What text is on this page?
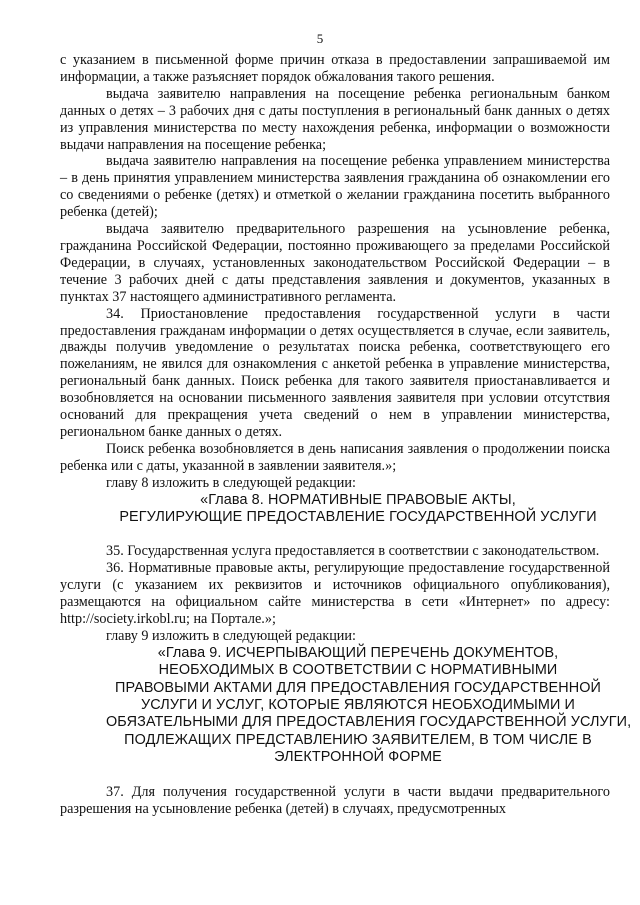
5

с указанием в письменной форме причин отказа в предоставлении запрашиваемой им информации, а также разъясняет порядок обжалования такого решения.

выдача заявителю направления на посещение ребенка региональным банком данных о детях – 3 рабочих дня с даты поступления в региональный банк данных о детях из управления министерства по месту нахождения ребенка, информации о возможности выдачи направления на посещение ребенка;

выдача заявителю направления на посещение ребенка управлением министерства – в день принятия управлением министерства заявления гражданина об ознакомлении его со сведениями о ребенке (детях) и отметкой о желании гражданина посетить выбранного ребенка (детей);

выдача заявителю предварительного разрешения на усыновление ребенка, гражданина Российской Федерации, постоянно проживающего за пределами Российской Федерации, в случаях, установленных законодательством Российской Федерации – в течение 3 рабочих дней с даты представления заявления и документов, указанных в пунктах 37 настоящего административного регламента.

34. Приостановление предоставления государственной услуги в части предоставления гражданам информации о детях осуществляется в случае, если заявитель, дважды получив уведомление о результатах поиска ребенка, соответствующего его пожеланиям, не явился для ознакомления с анкетой ребенка в управление министерства, региональный банк данных. Поиск ребенка для такого заявителя приостанавливается и возобновляется на основании письменного заявления заявителя при условии отсутствия оснований для прекращения учета сведений о нем в управлении министерства, региональном банке данных о детях.

Поиск ребенка возобновляется в день написания заявления о продолжении поиска ребенка или с даты, указанной в заявлении заявителя.»;

главу 8 изложить в следующей редакции:

«Глава 8. НОРМАТИВНЫЕ ПРАВОВЫЕ АКТЫ,
РЕГУЛИРУЮЩИЕ ПРЕДОСТАВЛЕНИЕ ГОСУДАРСТВЕННОЙ УСЛУГИ

35. Государственная услуга предоставляется в соответствии с законодательством.

36. Нормативные правовые акты, регулирующие предоставление государственной услуги (с указанием их реквизитов и источников официального опубликования), размещаются на официальном сайте министерства в сети «Интернет» по адресу: http://society.irkobl.ru; на Портале.»;

главу 9 изложить в следующей редакции:

«Глава 9. ИСЧЕРПЫВАЮЩИЙ ПЕРЕЧЕНЬ ДОКУМЕНТОВ,
НЕОБХОДИМЫХ В СООТВЕТСТВИИ С НОРМАТИВНЫМИ
ПРАВОВЫМИ АКТАМИ ДЛЯ ПРЕДОСТАВЛЕНИЯ ГОСУДАРСТВЕННОЙ
УСЛУГИ И УСЛУГ, КОТОРЫЕ ЯВЛЯЮТСЯ НЕОБХОДИМЫМИ И
ОБЯЗАТЕЛЬНЫМИ ДЛЯ ПРЕДОСТАВЛЕНИЯ ГОСУДАРСТВЕННОЙ УСЛУГИ,
ПОДЛЕЖАЩИХ ПРЕДСТАВЛЕНИЮ ЗАЯВИТЕЛЕМ, В ТОМ ЧИСЛЕ В
ЭЛЕКТРОННОЙ ФОРМЕ

37. Для получения государственной услуги в части выдачи предварительного разрешения на усыновление ребенка (детей) в случаях, предусмотренных
